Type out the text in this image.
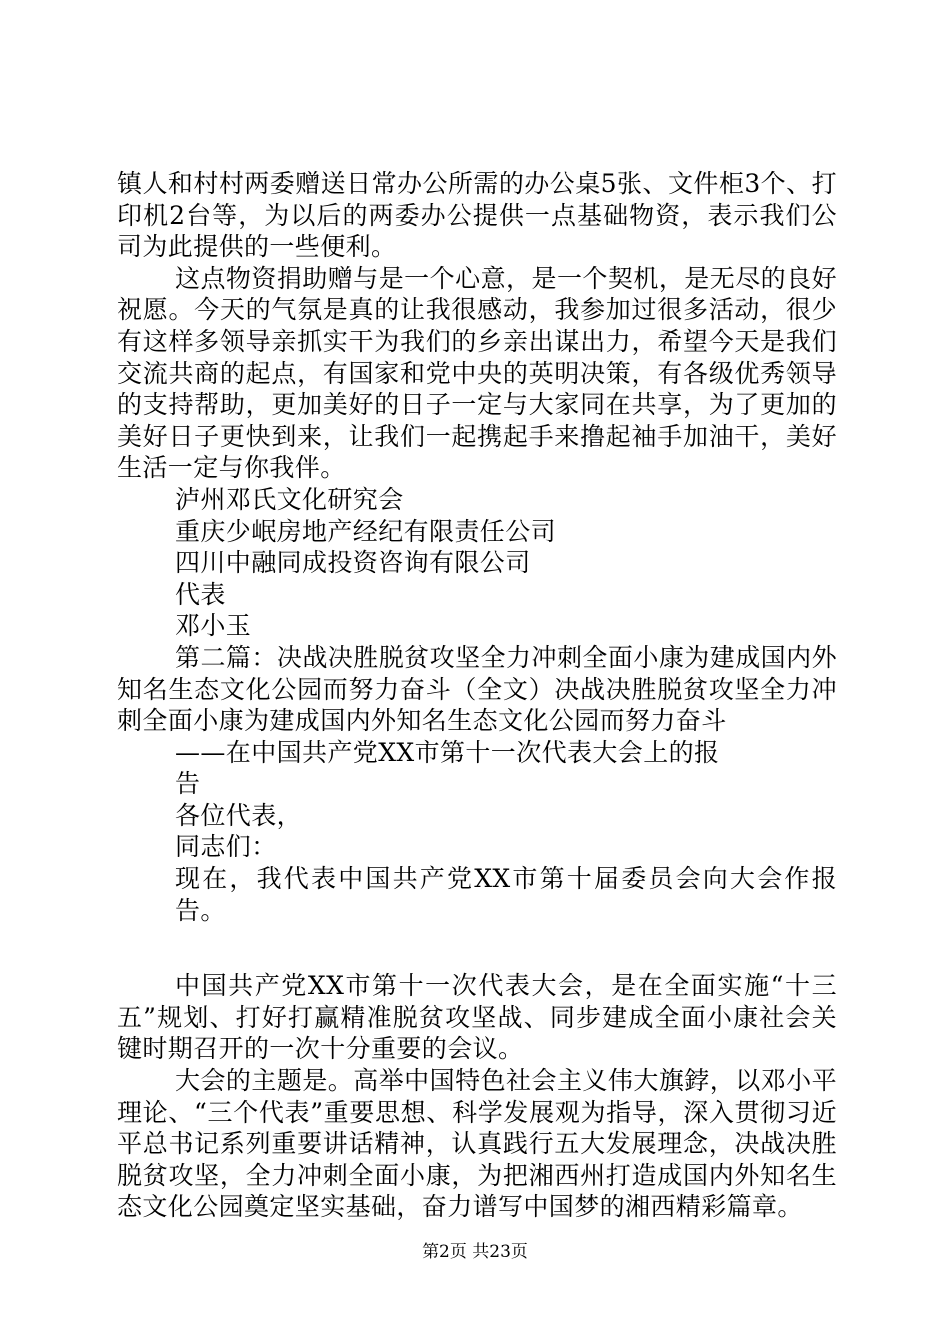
镇人和村村两委赠送日常办公所需的办公桌5张、文件柜3个、打印机2台等，为以后的两委办公提供一点基础物资，表示我们公司为此提供的一些便利。

这点物资捐助赠与是一个心意，是一个契机，是无尽的良好祝愿。今天的气氛是真的让我很感动，我参加过很多活动，很少有这样多领导亲抓实干为我们的乡亲出谋出力，希望今天是我们交流共商的起点，有国家和党中央的英明决策，有各级优秀领导的支持帮助，更加美好的日子一定与大家同在共享，为了更加的美好日子更快到来，让我们一起携起手来撸起袖手加油干，美好生活一定与你我伴。

泸州邓氏文化研究会

重庆少岷房地产经纪有限责任公司

四川中融同成投资咨询有限公司

代表

邓小玉

第二篇：决战决胜脱贫攻坚全力冲刺全面小康为建成国内外知名生态文化公园而努力奋斗（全文）决战决胜脱贫攻坚全力冲刺全面小康为建成国内外知名生态文化公园而努力奋斗

——在中国共产党XX市第十一次代表大会上的报

告

各位代表，

同志们：

现在，我代表中国共产党XX市第十届委员会向大会作报告。

中国共产党XX市第十一次代表大会，是在全面实施“十三五”规划、打好打赢精准脱贫攻坚战、同步建成全面小康社会关键时期召开的一次十分重要的会议。

大会的主题是。高举中国特色社会主义伟大旗鋍，以邓小平理论、“三个代表”重要思想、科学发展观为指导，深入贯彻习近平总书记系列重要讲话精神，认真践行五大发展理念，决战决胜脱贫攻坚，全力冲刺全面小康，为把湘西州打造成国内外知名生态文化公园奠定坚实基础，奋力谱写中国梦的湘西精彩篇章。

第2页 共23页
